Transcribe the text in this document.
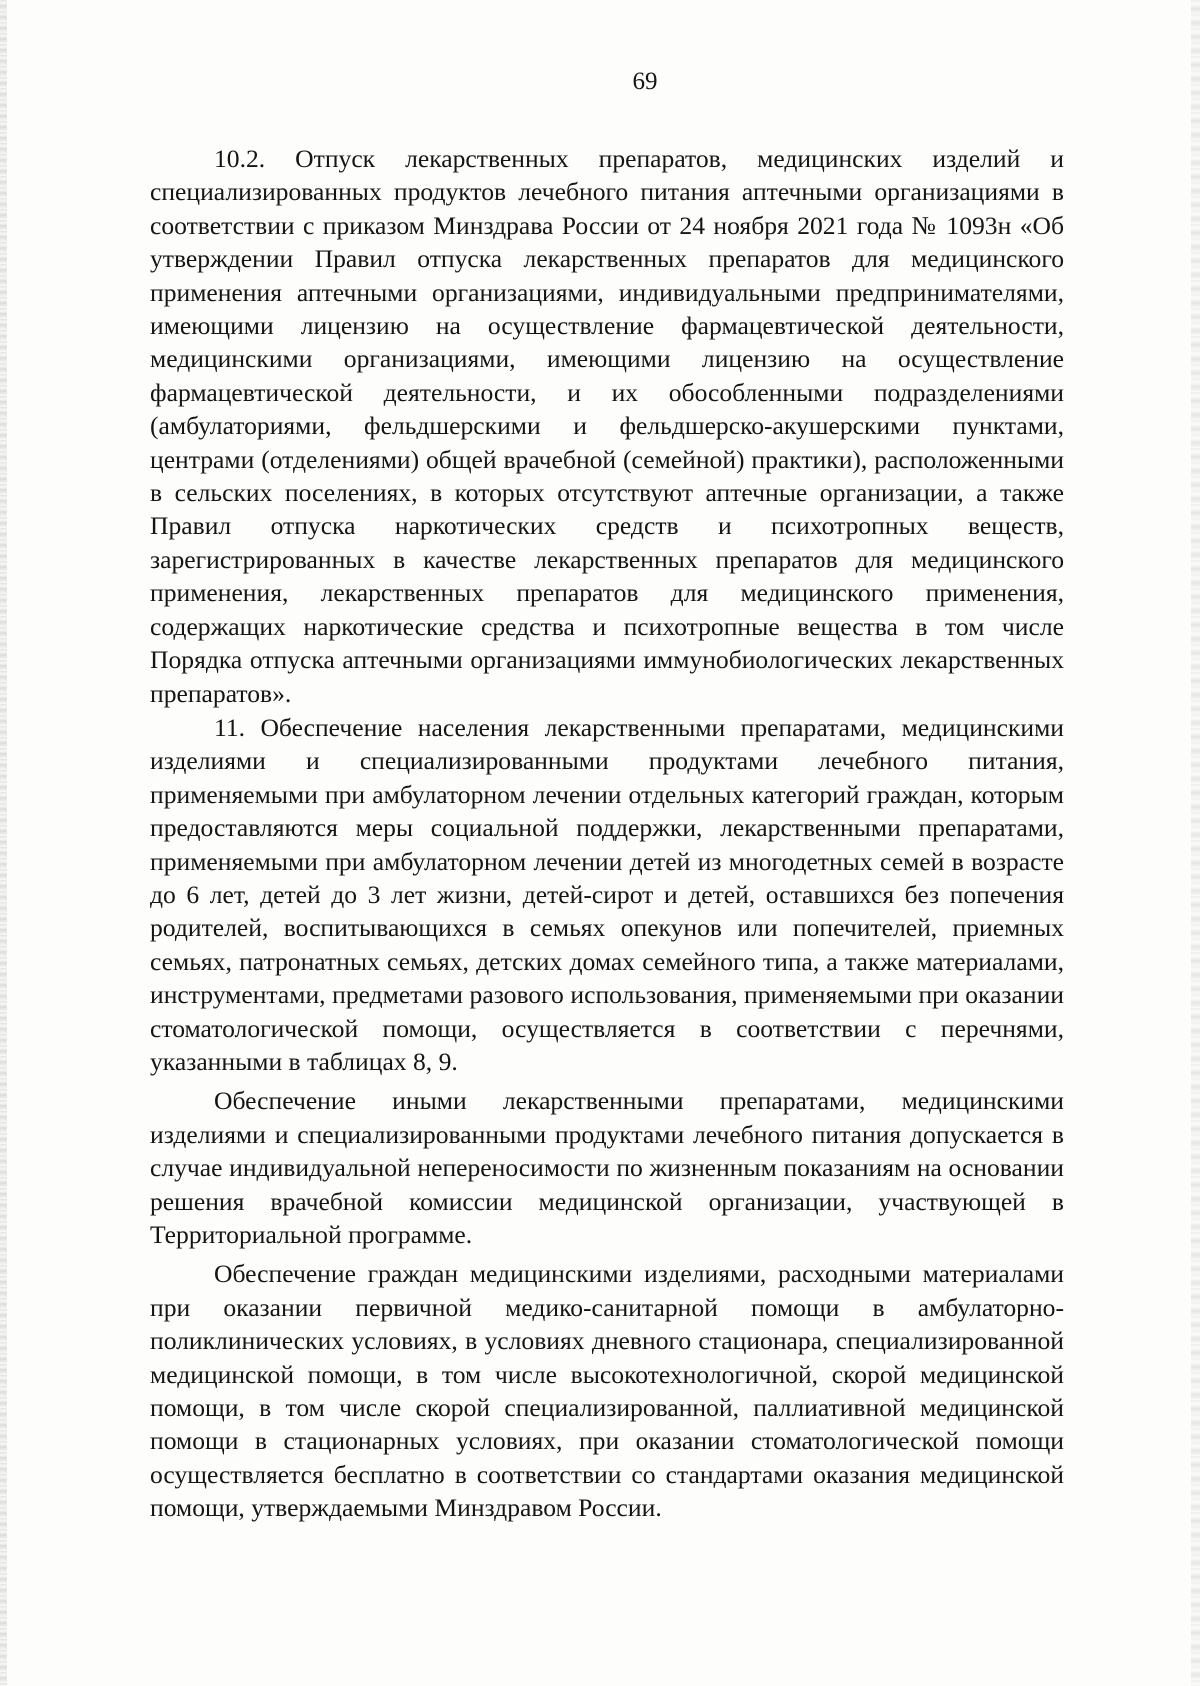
69

10.2. Отпуск лекарственных препаратов, медицинских изделий и специализированных продуктов лечебного питания аптечными организациями в соответствии с приказом Минздрава России от 24 ноября 2021 года № 1093н «Об утверждении Правил отпуска лекарственных препаратов для медицинского применения аптечными организациями, индивидуальными предпринимателями, имеющими лицензию на осуществление фармацевтической деятельности, медицинскими организациями, имеющими лицензию на осуществление фармацевтической деятельности, и их обособленными подразделениями (амбулаториями, фельдшерскими и фельдшерско-акушерскими пунктами, центрами (отделениями) общей врачебной (семейной) практики), расположенными в сельских поселениях, в которых отсутствуют аптечные организации, а также Правил отпуска наркотических средств и психотропных веществ, зарегистрированных в качестве лекарственных препаратов для медицинского применения, лекарственных препаратов для медицинского применения, содержащих наркотические средства и психотропные вещества в том числе Порядка отпуска аптечными организациями иммунобиологических лекарственных препаратов».

11. Обеспечение населения лекарственными препаратами, медицинскими изделиями и специализированными продуктами лечебного питания, применяемыми при амбулаторном лечении отдельных категорий граждан, которым предоставляются меры социальной поддержки, лекарственными препаратами, применяемыми при амбулаторном лечении детей из многодетных семей в возрасте до 6 лет, детей до 3 лет жизни, детей-сирот и детей, оставшихся без попечения родителей, воспитывающихся в семьях опекунов или попечителей, приемных семьях, патронатных семьях, детских домах семейного типа, а также материалами, инструментами, предметами разового использования, применяемыми при оказании стоматологической помощи, осуществляется в соответствии с перечнями, указанными в таблицах 8, 9.

Обеспечение иными лекарственными препаратами, медицинскими изделиями и специализированными продуктами лечебного питания допускается в случае индивидуальной непереносимости по жизненным показаниям на основании решения врачебной комиссии медицинской организации, участвующей в Территориальной программе.

Обеспечение граждан медицинскими изделиями, расходными материалами при оказании первичной медико-санитарной помощи в амбулаторно-поликлинических условиях, в условиях дневного стационара, специализированной медицинской помощи, в том числе высокотехнологичной, скорой медицинской помощи, в том числе скорой специализированной, паллиативной медицинской помощи в стационарных условиях, при оказании стоматологической помощи осуществляется бесплатно в соответствии со стандартами оказания медицинской помощи, утверждаемыми Минздравом России.
